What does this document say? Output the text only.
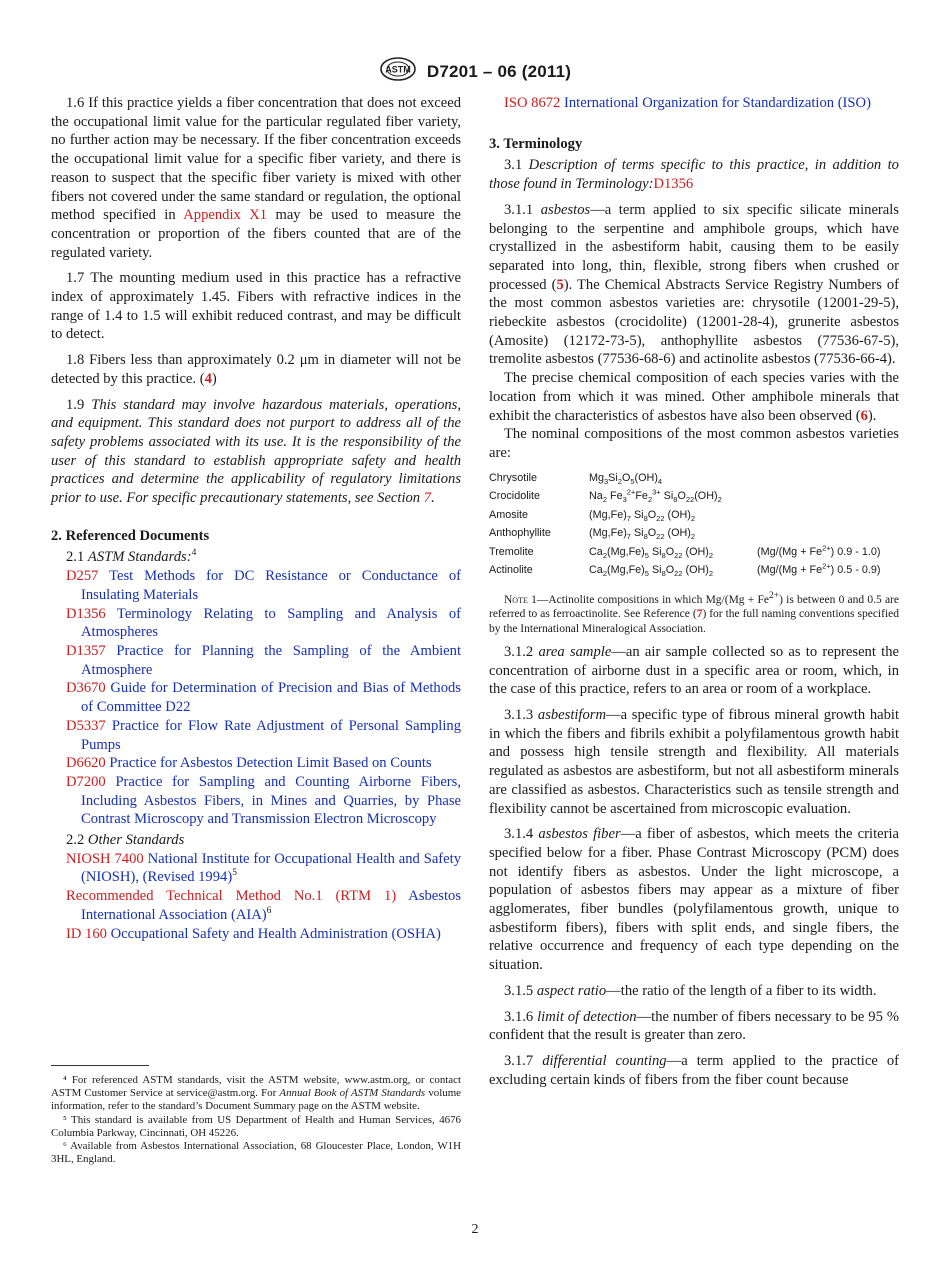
ASTM D7201 – 06 (2011)

1.6 If this practice yields a fiber concentration that does not exceed the occupational limit value for the particular regulated fiber variety, no further action may be necessary. If the fiber concentration exceeds the occupational limit value for a specific fiber variety, and there is reason to suspect that the specific fiber variety is mixed with other fibers not covered under the same standard or regulation, the optional method specified in Appendix X1 may be used to measure the concentration or proportion of the fibers counted that are of the regulated variety.

1.7 The mounting medium used in this practice has a refractive index of approximately 1.45. Fibers with refractive indices in the range of 1.4 to 1.5 will exhibit reduced contrast, and may be difficult to detect.

1.8 Fibers less than approximately 0.2 μm in diameter will not be detected by this practice. (4)

1.9 This standard may involve hazardous materials, operations, and equipment. This standard does not purport to address all of the safety problems associated with its use. It is the responsibility of the user of this standard to establish appropriate safety and health practices and determine the applicability of regulatory limitations prior to use. For specific precautionary statements, see Section 7.

2. Referenced Documents

2.1 ASTM Standards:$^4$

D257 Test Methods for DC Resistance or Conductance of Insulating Materials

D1356 Terminology Relating to Sampling and Analysis of Atmospheres

D1357 Practice for Planning the Sampling of the Ambient Atmosphere

D3670 Guide for Determination of Precision and Bias of Methods of Committee D22

D5337 Practice for Flow Rate Adjustment of Personal Sampling Pumps

D6620 Practice for Asbestos Detection Limit Based on Counts

D7200 Practice for Sampling and Counting Airborne Fibers, Including Asbestos Fibers, in Mines and Quarries, by Phase Contrast Microscopy and Transmission Electron Microscopy

2.2 Other Standards

NIOSH 7400 National Institute for Occupational Health and Safety (NIOSH), (Revised 1994)$^5$

Recommended Technical Method No.1 (RTM 1) Asbestos International Association (AIA)$^6$

ID 160 Occupational Safety and Health Administration (OSHA)

⁴ For referenced ASTM standards, visit the ASTM website, www.astm.org, or contact ASTM Customer Service at service@astm.org. For Annual Book of ASTM Standards volume information, refer to the standard’s Document Summary page on the ASTM website.

⁵ This standard is available from US Department of Health and Human Services, 4676 Columbia Parkway, Cincinnati, OH 45226.

⁶ Available from Asbestos International Association, 68 Gloucester Place, London, W1H 3HL, England.

ISO 8672 International Organization for Standardization (ISO)

3. Terminology

3.1 Description of terms specific to this practice, in addition to those found in Terminology:D1356

3.1.1 asbestos—a term applied to six specific silicate minerals belonging to the serpentine and amphibole groups, which have crystallized in the asbestiform habit, causing them to be easily separated into long, thin, flexible, strong fibers when crushed or processed (5). The Chemical Abstracts Service Registry Numbers of the most common asbestos varieties are: chrysotile (12001-29-5), riebeckite asbestos (crocidolite) (12001-28-4), grunerite asbestos (Amosite) (12172-73-5), anthophyllite asbestos (77536-67-5), tremolite asbestos (77536-68-6) and actinolite asbestos (77536-66-4).

The precise chemical composition of each species varies with the location from which it was mined. Other amphibole minerals that exhibit the characteristics of asbestos have also been observed (6).

The nominal compositions of the most common asbestos varieties are:

Chrysotile	$Mg_3Si_2O_5(OH)_4$
Crocidolite	$Na_2$ $Fe_3^{2+}Fe_2^{3+}$ $Si_8O_{22}(OH)_2$
Amosite	$(Mg,Fe)_7$ $Si_8O_{22}$ $(OH)_2$
Anthophyllite	$(Mg,Fe)_7$ $Si_8O_{22}$ $(OH)_2$
Tremolite	$Ca_2(Mg,Fe)_5$ $Si_8O_{22}$ $(OH)_2$	($Mg/(Mg + Fe^{2+})$ 0.9 - 1.0)
Actinolite	$Ca_2(Mg,Fe)_5$ $Si_8O_{22}$ $(OH)_2$	($Mg/(Mg + Fe^{2+})$ 0.5 - 0.9)

Note 1—Actinolite compositions in which $Mg/(Mg + Fe^{2+})$ is between 0 and 0.5 are referred to as ferroactinolite. See Reference (7) for the full naming conventions specified by the International Mineralogical Association.

3.1.2 area sample—an air sample collected so as to represent the concentration of airborne dust in a specific area or room, which, in the case of this practice, refers to an area or room of a workplace.

3.1.3 asbestiform—a specific type of fibrous mineral growth habit in which the fibers and fibrils exhibit a polyfilamentous growth habit and possess high tensile strength and flexibility. All materials regulated as asbestos are asbestiform, but not all asbestiform minerals are classified as asbestos. Characteristics such as tensile strength and flexibility cannot be ascertained from microscopic evaluation.

3.1.4 asbestos fiber—a fiber of asbestos, which meets the criteria specified below for a fiber. Phase Contrast Microscopy (PCM) does not identify fibers as asbestos. Under the light microscope, a population of asbestos fibers may appear as a mixture of fiber agglomerates, fiber bundles (polyfilamentous growth, unique to asbestiform fibers), fibers with split ends, and single fibers, the relative occurrence and frequency of each type depending on the situation.

3.1.5 aspect ratio—the ratio of the length of a fiber to its width.

3.1.6 limit of detection—the number of fibers necessary to be 95 % confident that the result is greater than zero.

3.1.7 differential counting—a term applied to the practice of excluding certain kinds of fibers from the fiber count because

2
